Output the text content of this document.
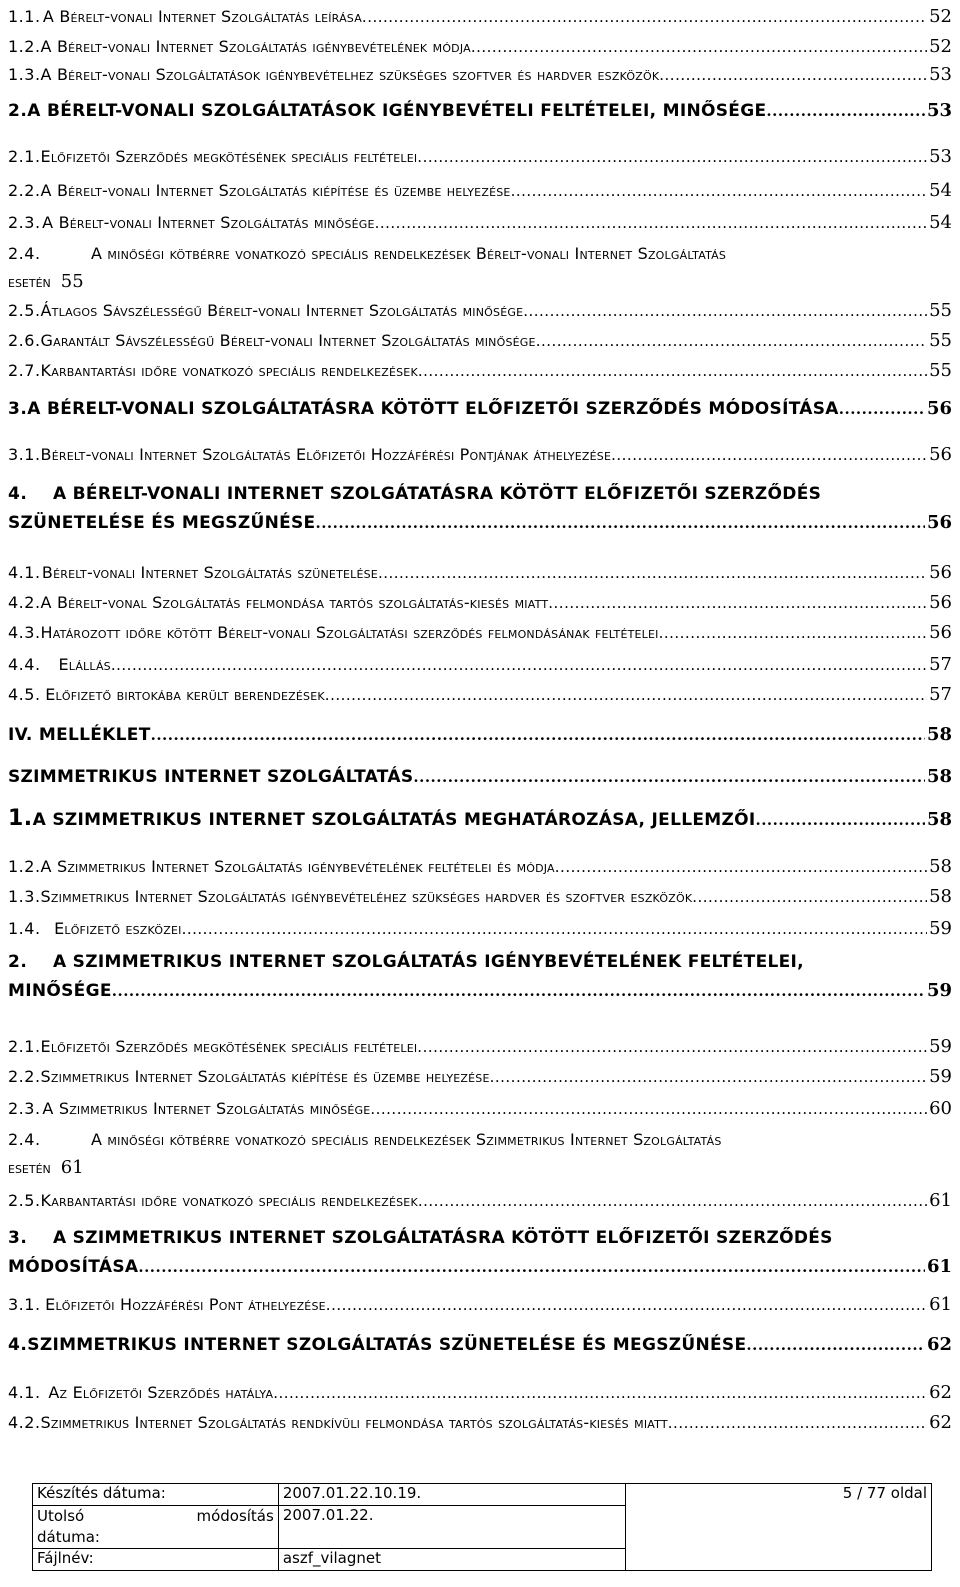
1.1. A Bérelt-vonali Internet Szolgáltatás leírása .....	52
1.2. A Bérelt-vonali Internet Szolgáltatás igénybevételének módja .....	52
1.3. A Bérelt-vonali Szolgáltatások igénybevételhez szükséges szoftver és hardver eszközök .....	53
2. A BÉRELT-VONALI SZOLGÁLTATÁSOK IGÉNYBEVÉTELI FELTÉTELEI, MINŐSÉGE .....	53
2.1. Előfizetői Szerződés megkötésének speciális feltételei .....	53
2.2. A Bérelt-vonali Internet Szolgáltatás kiépítése és üzembe helyezése .....	54
2.3. A Bérelt-vonali Internet Szolgáltatás minősége .....	54
2.4.	A minőségi kötbérre vonatkozó speciális rendelkezések Bérelt-vonali Internet Szolgáltatás
esetén 55
2.5. Átlagos Sávszélességű Bérelt-vonali Internet Szolgáltatás minősége .....	55
2.6. Garantált Sávszélességű Bérelt-vonali Internet Szolgáltatás minősége .....	55
2.7. Karbantartási időre vonatkozó speciális rendelkezések .....	55
3. A BÉRELT-VONALI SZOLGÁLTATÁSRA KÖTÖTT ELŐFIZETŐI SZERZŐDÉS MÓDOSÍTÁSA .....	56
3.1. Bérelt-vonali Internet Szolgáltatás Előfizetői Hozzáférési Pontjának áthelyezése .....	56
4.	A BÉRELT-VONALI INTERNET SZOLGÁTATÁSRA KÖTÖTT ELŐFIZETŐI SZERZŐDÉS
SZÜNETELÉSE ÉS MEGSZŰNÉSE .....	56
4.1. Bérelt-vonali Internet Szolgáltatás szünetelése .....	56
4.2. A Bérelt-vonal Szolgáltatás felmondása tartós szolgáltatás-kiesés miatt .....	56
4.3. Határozott időre kötött Bérelt-vonali Szolgáltatási szerződés felmondásának feltételei .....	56
4.4.	Elállás .....	57
4.5. Előfizető birtokába került berendezések .....	57
IV. MELLÉKLET .....	58
SZIMMETRIKUS INTERNET SZOLGÁLTATÁS .....	58
1. A SZIMMETRIKUS INTERNET SZOLGÁLTATÁS MEGHATÁROZÁSA, JELLEMZŐI .....	58
1.2. A Szimmetrikus Internet Szolgáltatás igénybevételének feltételei és módja .....	58
1.3. Szimmetrikus Internet Szolgáltatás igénybevételéhez szükséges hardver és szoftver eszközök .....	58
1.4. Előfizető eszközei .....	59
2.	A SZIMMETRIKUS INTERNET SZOLGÁLTATÁS IGÉNYBEVÉTELÉNEK FELTÉTELEI,
MINŐSÉGE .....	59
2.1. Előfizetői Szerződés megkötésének speciális feltételei .....	59
2.2. Szimmetrikus Internet Szolgáltatás kiépítése és üzembe helyezése .....	59
2.3. A Szimmetrikus Internet Szolgáltatás minősége .....	60
2.4.	A minőségi kötbérre vonatkozó speciális rendelkezések Szimmetrikus Internet Szolgáltatás
esetén 61
2.5. Karbantartási időre vonatkozó speciális rendelkezések .....	61
3.	A SZIMMETRIKUS INTERNET SZOLGÁLTATÁSRA KÖTÖTT ELŐFIZETŐI SZERZŐDÉS
MÓDOSÍTÁSA .....	61
3.1. Előfizetői Hozzáférési Pont áthelyezése .....	61
4. SZIMMETRIKUS INTERNET SZOLGÁLTATÁS SZÜNETELÉSE ÉS MEGSZŰNÉSE .....	62
4.1. Az Előfizetői Szerződés hatálya .....	62
4.2. Szimmetrikus Internet Szolgáltatás rendkívüli felmondása tartós szolgáltatás-kiesés miatt .....	62
Készítés dátuma:	2007.01.22.10.19.	5 / 77 oldal

Utolsó módosítás
dátuma:	2007.01.22.	
Fájlnév:	aszf_vilagnet	
